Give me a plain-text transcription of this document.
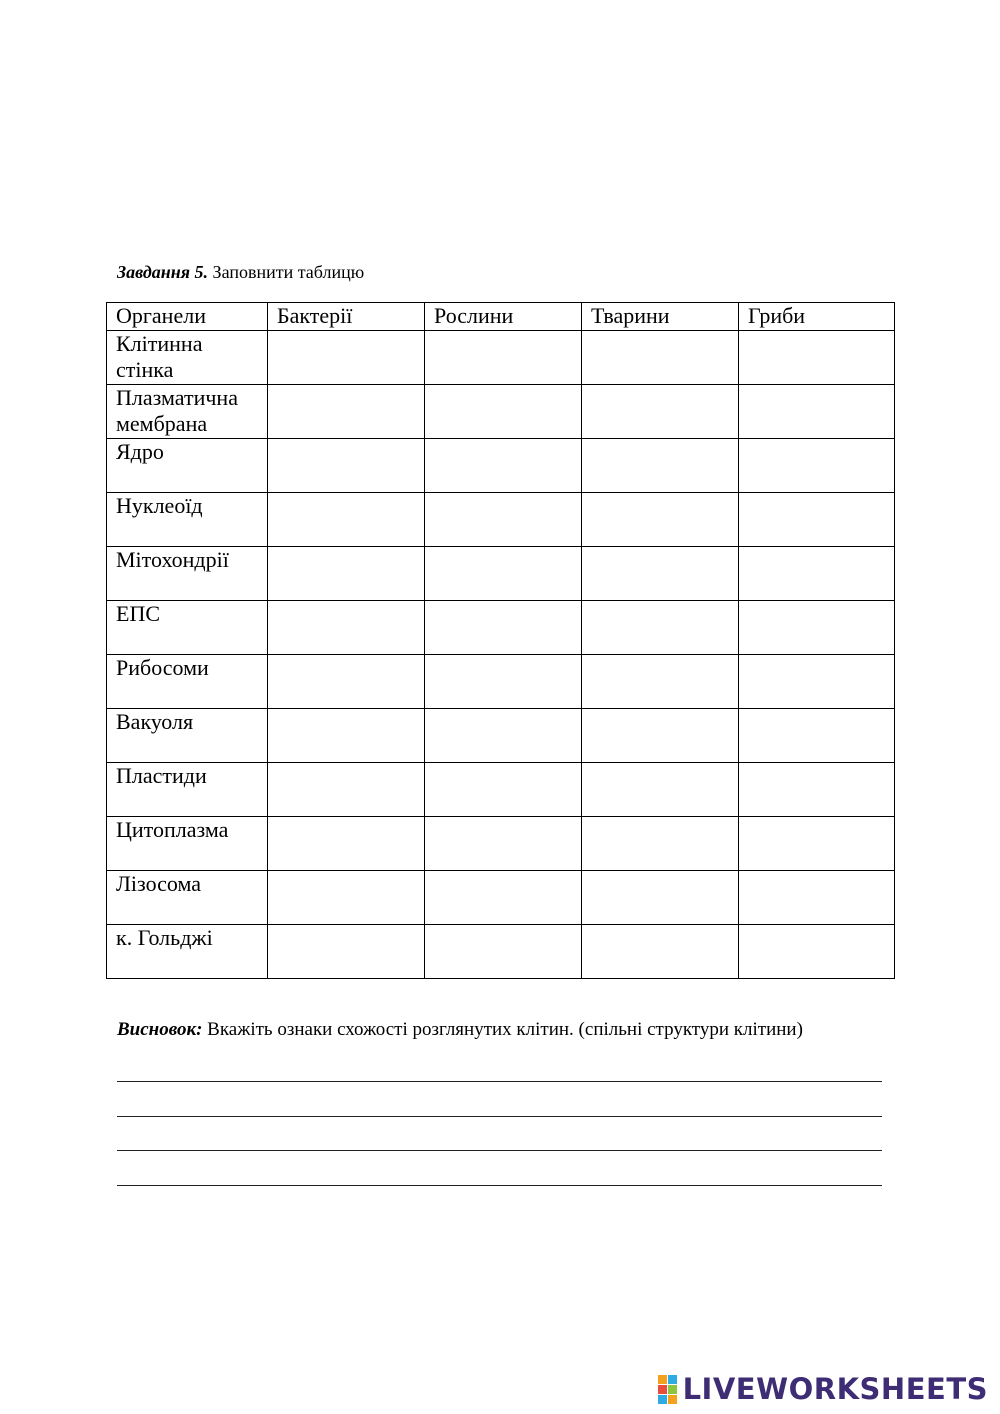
Завдання 5. Заповнити таблицю
Органели	Бактерії	Рослини	Тварини	Гриби
Клітинна стінка				
Плазматична мембрана				
Ядро				
Нуклеоїд				
Мітохондрії				
ЕПС				
Рибосоми				
Вакуоля				
Пластиди				
Цитоплазма				
Лізосома				
к. Гольджі				
Висновок: Вкажіть ознаки схожості розглянутих клітин. (спільні структури клітини)
LIVEWORKSHEETS
